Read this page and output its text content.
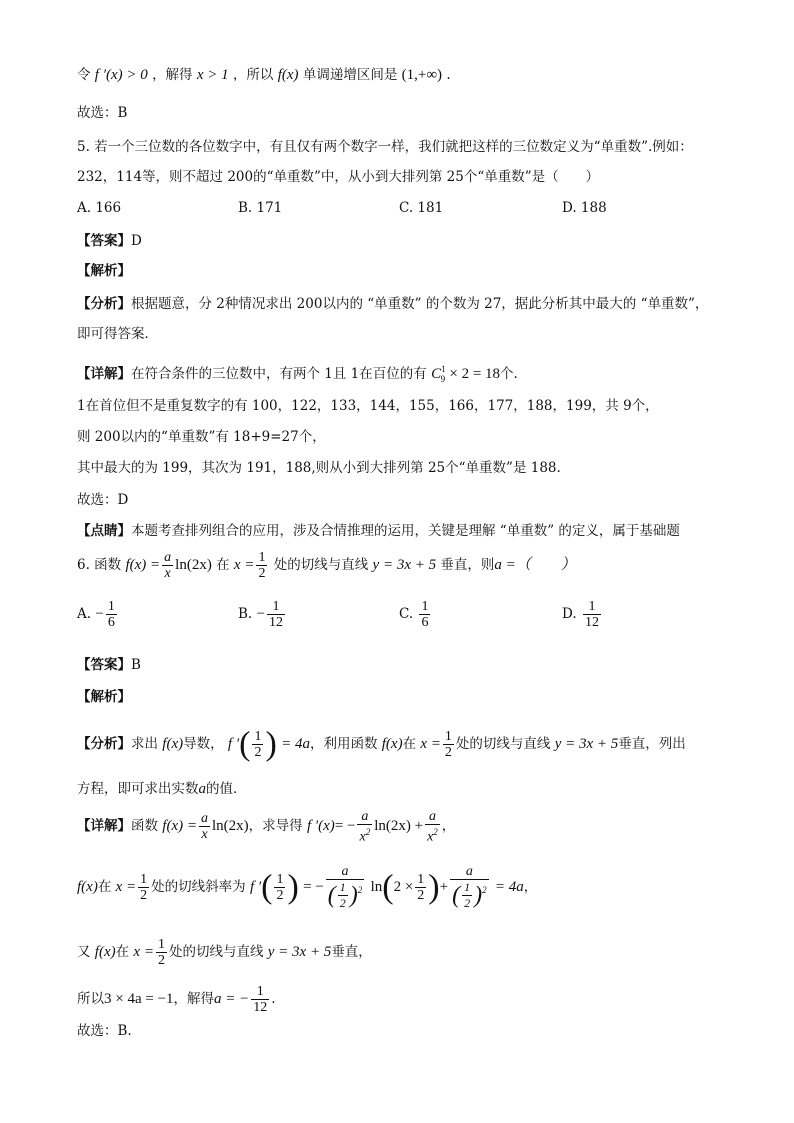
令 f ′(x) > 0 ，解得 x > 1 ，所以 f(x) 单调递增区间是 (1,+∞) .
故选：B
5. 若一个三位数的各位数字中，有且仅有两个数字一样，我们就把这样的三位数定义为“单重数”.例如：
232，114等，则不超过 200的“单重数”中，从小到大排列第 25个“单重数”是（　　）
A. 166	B. 171	C. 181	D. 188
【答案】D
【解析】
【分析】根据题意，分 2种情况求出 200以内的 “单重数” 的个数为 27，据此分析其中最大的 “单重数”，
即可得答案．
【详解】在符合条件的三位数中，有两个 1且 1在百位的有 $C^1_9 \times 2 = 18$个.
1在首位但不是重复数字的有 100，122，133，144，155，166，177，188，199，共 9个，
则 200以内的“单重数”有 18+9=27个，
其中最大的为 199，其次为 191，188,则从小到大排列第 25个“单重数”是 188.
故选：D
【点睛】本题考查排列组合的应用，涉及合情推理的运用，关键是理解 “单重数” 的定义，属于基础题
6. 函数 $f(x) = \frac{a}{x} \ln(2x)$ 在 $x = \frac{1}{2}$ 处的切线与直线 y = 3x + 5 垂直，则a =（　　）
A. − $\frac{1}{6}$	B. − $\frac{1}{12}$	C. $\frac{1}{6}$	D. $\frac{1}{12}$
【答案】B
【解析】
【分析】求出 f(x)导数， f ′( $\frac{1}{2}$ ) = 4a，利用函数 f(x)在 $x = \frac{1}{2}$ 处的切线与直线 y = 3x + 5垂直，列出
方程，即可求出实数a的值．
【详解】函数 $f(x) = \frac{a}{x} \ln(2x)$，求导得 f $'(x)= - \frac{a}{x^2} \ln(2x) + \frac{a}{x^2}$ ，
f(x)在 $x = \frac{1}{2}$ 处的切线斜率为 f ′( $\frac{1}{2}$ ) = − $\frac{a}{( \frac{1}{2} )^2} \ln(2 \times \frac{1}{2}$ )+ $\frac{a}{( \frac{1}{2} )^2} = 4a$，
又 f(x)在 $x = \frac{1}{2}$ 处的切线与直线 y = 3x + 5垂直，
所以3 × 4a = −1，解得a = − $\frac{1}{12}$ .
故选：B.
